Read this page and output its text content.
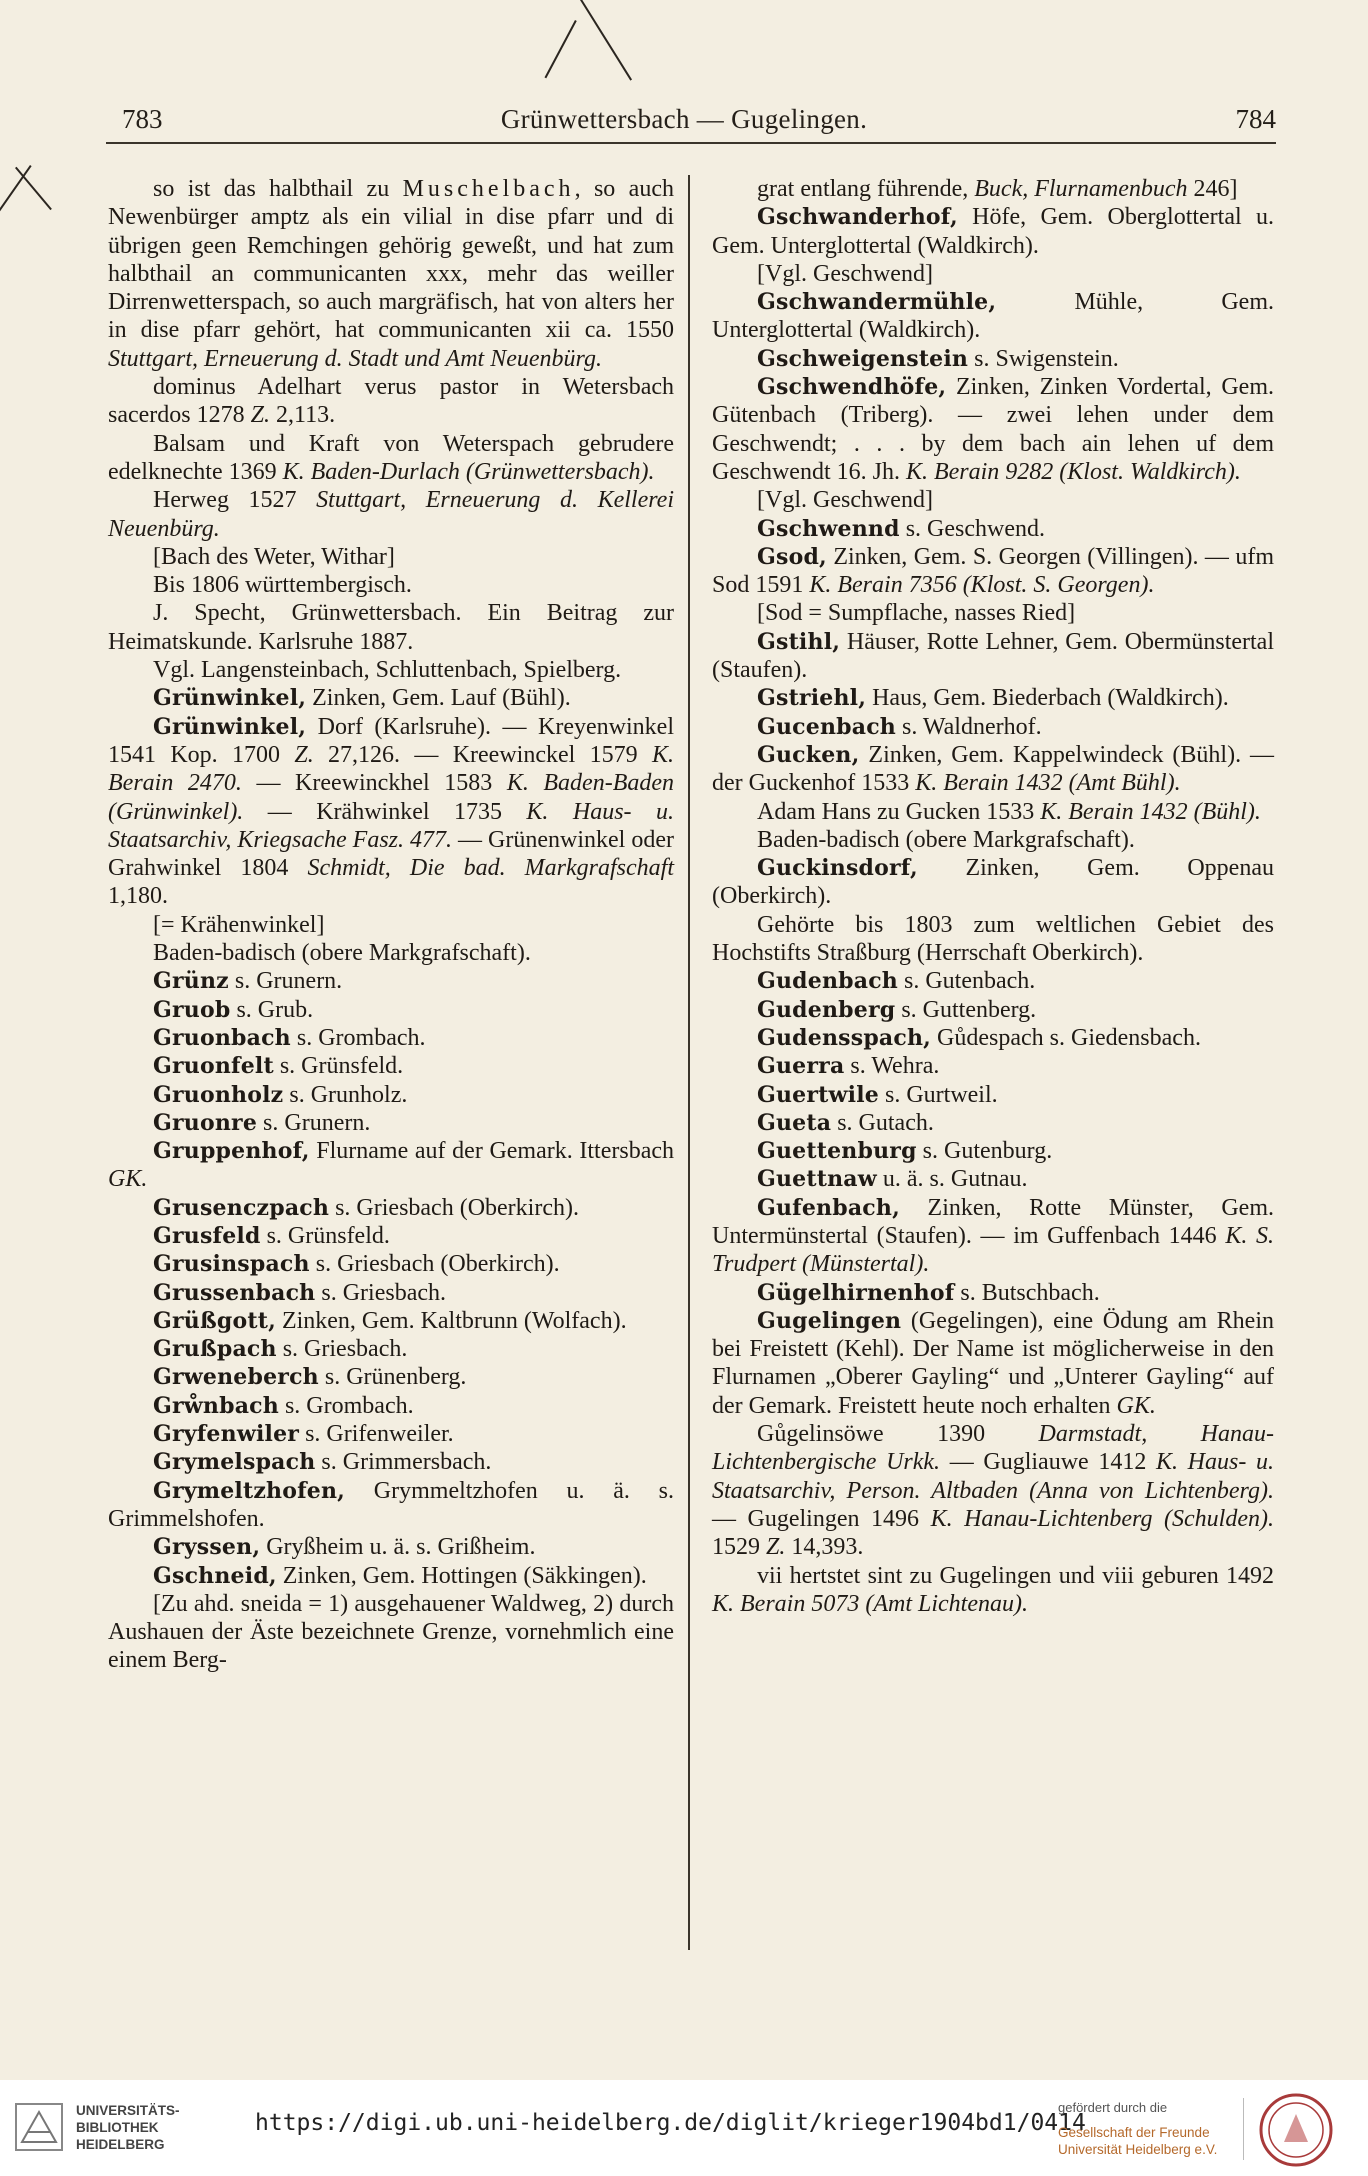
783	Grünwettersbach — Gugelingen.	784

so ist das halbthail zu Muschelbach, so auch Newenbürger amptz als ein vilial in dise pfarr und di übrigen geen Remchingen gehörig geweßt, und hat zum halbthail an communicanten xxx, mehr das weiller Dirrenwetterspach, so auch margräfisch, hat von alters her in dise pfarr gehört, hat communicanten xii ca. 1550 Stuttgart, Erneuerung d. Stadt und Amt Neuenbürg.

dominus Adelhart verus pastor in Wetersbach sacerdos 1278 Z. 2,113.

Balsam und Kraft von Weterspach gebrudere edelknechte 1369 K. Baden-Durlach (Grünwettersbach).

Herweg 1527 Stuttgart, Erneuerung d. Kellerei Neuenbürg.

[Bach des Weter, Withar]

Bis 1806 württembergisch.

J. Specht, Grünwettersbach. Ein Beitrag zur Heimatskunde. Karlsruhe 1887.

Vgl. Langensteinbach, Schluttenbach, Spielberg.

Grünwinkel, Zinken, Gem. Lauf (Bühl).

Grünwinkel, Dorf (Karlsruhe). — Kreyenwinkel 1541 Kop. 1700 Z. 27,126. — Kreewinckel 1579 K. Berain 2470. — Kreewinckhel 1583 K. Baden-Baden (Grünwinkel). — Krähwinkel 1735 K. Haus- u. Staatsarchiv, Kriegsache Fasz. 477. — Grünenwinkel oder Grahwinkel 1804 Schmidt, Die bad. Markgrafschaft 1,180.

[= Krähenwinkel]

Baden-badisch (obere Markgrafschaft).

Grünz s. Grunern.

Gruob s. Grub.

Gruonbach s. Grombach.

Gruonfelt s. Grünsfeld.

Gruonholz s. Grunholz.

Gruonre s. Grunern.

Gruppenhof, Flurname auf der Gemark. Ittersbach GK.

Grusenczpach s. Griesbach (Oberkirch).

Grusfeld s. Grünsfeld.

Grusinspach s. Griesbach (Oberkirch).

Grussenbach s. Griesbach.

Grüßgott, Zinken, Gem. Kaltbrunn (Wolfach).

Grußpach s. Griesbach.

Grweneberch s. Grünenberg.

Grẘnbach s. Grombach.

Gryfenwiler s. Grifenweiler.

Grymelspach s. Grimmersbach.

Grymeltzhofen, Grymmeltzhofen u. ä. s. Grimmelshofen.

Gryssen, Gryßheim u. ä. s. Grißheim.

Gschneid, Zinken, Gem. Hottingen (Säkkingen).

[Zu ahd. sneida = 1) ausgehauener Waldweg, 2) durch Aushauen der Äste bezeichnete Grenze, vornehmlich eine einem Berg-

grat entlang führende, Buck, Flurnamenbuch 246]

Gschwanderhof, Höfe, Gem. Oberglottertal u. Gem. Unterglottertal (Waldkirch).

[Vgl. Geschwend]

Gschwandermühle, Mühle, Gem. Unterglottertal (Waldkirch).

Gschweigenstein s. Swigenstein.

Gschwendhöfe, Zinken, Zinken Vordertal, Gem. Gütenbach (Triberg). — zwei lehen under dem Geschwendt; . . . by dem bach ain lehen uf dem Geschwendt 16. Jh. K. Berain 9282 (Klost. Waldkirch).

[Vgl. Geschwend]

Gschwennd s. Geschwend.

Gsod, Zinken, Gem. S. Georgen (Villingen). — ufm Sod 1591 K. Berain 7356 (Klost. S. Georgen).

[Sod = Sumpflache, nasses Ried]

Gstihl, Häuser, Rotte Lehner, Gem. Obermünstertal (Staufen).

Gstriehl, Haus, Gem. Biederbach (Waldkirch).

Gucenbach s. Waldnerhof.

Gucken, Zinken, Gem. Kappelwindeck (Bühl). — der Guckenhof 1533 K. Berain 1432 (Amt Bühl).

Adam Hans zu Gucken 1533 K. Berain 1432 (Bühl).

Baden-badisch (obere Markgrafschaft).

Guckinsdorf, Zinken, Gem. Oppenau (Oberkirch).

Gehörte bis 1803 zum weltlichen Gebiet des Hochstifts Straßburg (Herrschaft Oberkirch).

Gudenbach s. Gutenbach.

Gudenberg s. Guttenberg.

Gudensspach, Gůdespach s. Giedensbach.

Guerra s. Wehra.

Guertwile s. Gurtweil.

Gueta s. Gutach.

Guettenburg s. Gutenburg.

Guettnaw u. ä. s. Gutnau.

Gufenbach, Zinken, Rotte Münster, Gem. Untermünstertal (Staufen). — im Guffenbach 1446 K. S. Trudpert (Münstertal).

Gügelhirnenhof s. Butschbach.

Gugelingen (Gegelingen), eine Ödung am Rhein bei Freistett (Kehl). Der Name ist möglicherweise in den Flurnamen „Oberer Gayling“ und „Unterer Gayling“ auf der Gemark. Freistett heute noch erhalten GK.

Gůgelinsöwe 1390 Darmstadt, Hanau-Lichtenbergische Urkk. — Gugliauwe 1412 K. Haus- u. Staatsarchiv, Person. Altbaden (Anna von Lichtenberg). — Gugelingen 1496 K. Hanau-Lichtenberg (Schulden). 1529 Z. 14,393.

vii hertstet sint zu Gugelingen und viii geburen 1492 K. Berain 5073 (Amt Lichtenau).

UNIVERSITÄTS-
BIBLIOTHEK
HEIDELBERG
https://digi.ub.uni-heidelberg.de/diglit/krieger1904bd1/0414
gefördert durch die
Gesellschaft der Freunde
Universität Heidelberg e.V.
